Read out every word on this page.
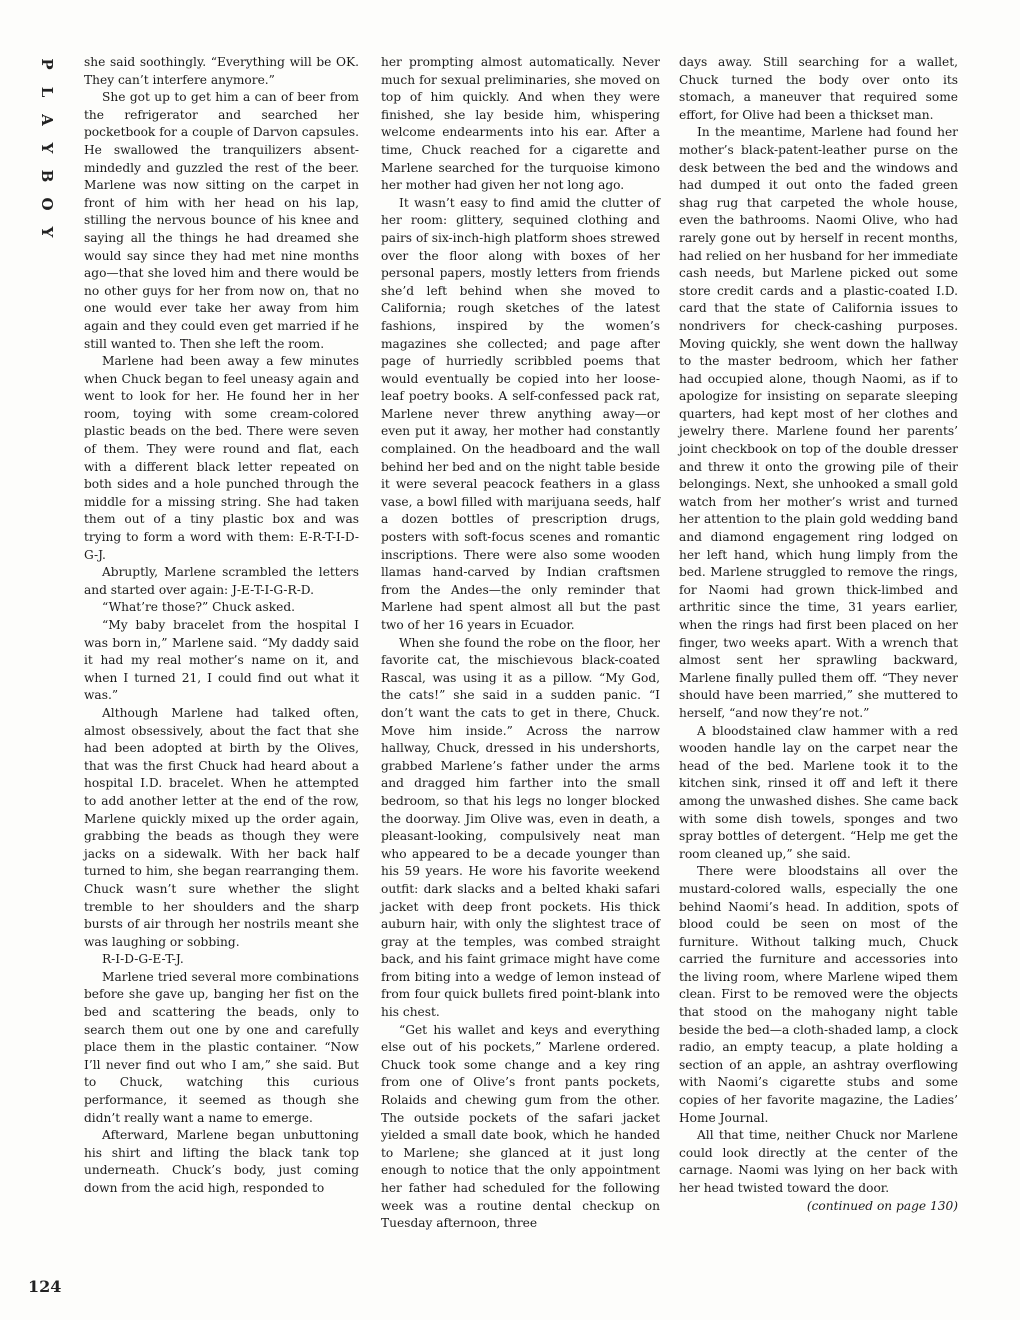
P
L
A
Y
B
O
Y

she said soothingly. “Everything will be OK. They can’t interfere anymore.”

She got up to get him a can of beer from the refrigerator and searched her pocketbook for a couple of Darvon capsules. He swallowed the tranquilizers absent-mindedly and guzzled the rest of the beer. Marlene was now sitting on the carpet in front of him with her head on his lap, stilling the nervous bounce of his knee and saying all the things he had dreamed she would say since they had met nine months ago—that she loved him and there would be no other guys for her from now on, that no one would ever take her away from him again and they could even get married if he still wanted to. Then she left the room.

Marlene had been away a few minutes when Chuck began to feel uneasy again and went to look for her. He found her in her room, toying with some cream-colored plastic beads on the bed. There were seven of them. They were round and flat, each with a different black letter repeated on both sides and a hole punched through the middle for a missing string. She had taken them out of a tiny plastic box and was trying to form a word with them: E-R-T-I-D-G-J.

Abruptly, Marlene scrambled the letters and started over again: J-E-T-I-G-R-D.

“What’re those?” Chuck asked.

“My baby bracelet from the hospital I was born in,” Marlene said. “My daddy said it had my real mother’s name on it, and when I turned 21, I could find out what it was.”

Although Marlene had talked often, almost obsessively, about the fact that she had been adopted at birth by the Olives, that was the first Chuck had heard about a hospital I.D. bracelet. When he attempted to add another letter at the end of the row, Marlene quickly mixed up the order again, grabbing the beads as though they were jacks on a sidewalk. With her back half turned to him, she began rearranging them. Chuck wasn’t sure whether the slight tremble to her shoulders and the sharp bursts of air through her nostrils meant she was laughing or sobbing.

R-I-D-G-E-T-J.

Marlene tried several more combinations before she gave up, banging her fist on the bed and scattering the beads, only to search them out one by one and carefully place them in the plastic container. “Now I’ll never find out who I am,” she said. But to Chuck, watching this curious performance, it seemed as though she didn’t really want a name to emerge.

Afterward, Marlene began unbuttoning his shirt and lifting the black tank top underneath. Chuck’s body, just coming down from the acid high, responded to

her prompting almost automatically. Never much for sexual preliminaries, she moved on top of him quickly. And when they were finished, she lay beside him, whispering welcome endearments into his ear. After a time, Chuck reached for a cigarette and Marlene searched for the turquoise kimono her mother had given her not long ago.

It wasn’t easy to find amid the clutter of her room: glittery, sequined clothing and pairs of six-inch-high platform shoes strewed over the floor along with boxes of her personal papers, mostly letters from friends she’d left behind when she moved to California; rough sketches of the latest fashions, inspired by the women’s magazines she collected; and page after page of hurriedly scribbled poems that would eventually be copied into her loose-leaf poetry books. A self-confessed pack rat, Marlene never threw anything away—or even put it away, her mother had constantly complained. On the headboard and the wall behind her bed and on the night table beside it were several peacock feathers in a glass vase, a bowl filled with marijuana seeds, half a dozen bottles of prescription drugs, posters with soft-focus scenes and romantic inscriptions. There were also some wooden llamas hand-carved by Indian craftsmen from the Andes—the only reminder that Marlene had spent almost all but the past two of her 16 years in Ecuador.

When she found the robe on the floor, her favorite cat, the mischievous black-coated Rascal, was using it as a pillow. “My God, the cats!” she said in a sudden panic. “I don’t want the cats to get in there, Chuck. Move him inside.” Across the narrow hallway, Chuck, dressed in his undershorts, grabbed Marlene’s father under the arms and dragged him farther into the small bedroom, so that his legs no longer blocked the doorway. Jim Olive was, even in death, a pleasant-looking, compulsively neat man who appeared to be a decade younger than his 59 years. He wore his favorite weekend outfit: dark slacks and a belted khaki safari jacket with deep front pockets. His thick auburn hair, with only the slightest trace of gray at the temples, was combed straight back, and his faint grimace might have come from biting into a wedge of lemon instead of from four quick bullets fired point-blank into his chest.

“Get his wallet and keys and everything else out of his pockets,” Marlene ordered. Chuck took some change and a key ring from one of Olive’s front pants pockets, Rolaids and chewing gum from the other. The outside pockets of the safari jacket yielded a small date book, which he handed to Marlene; she glanced at it just long enough to notice that the only appointment her father had scheduled for the following week was a routine dental checkup on Tuesday afternoon, three

days away. Still searching for a wallet, Chuck turned the body over onto its stomach, a maneuver that required some effort, for Olive had been a thickset man.

In the meantime, Marlene had found her mother’s black-patent-leather purse on the desk between the bed and the windows and had dumped it out onto the faded green shag rug that carpeted the whole house, even the bathrooms. Naomi Olive, who had rarely gone out by herself in recent months, had relied on her husband for her immediate cash needs, but Marlene picked out some store credit cards and a plastic-coated I.D. card that the state of California issues to nondrivers for check-cashing purposes. Moving quickly, she went down the hallway to the master bedroom, which her father had occupied alone, though Naomi, as if to apologize for insisting on separate sleeping quarters, had kept most of her clothes and jewelry there. Marlene found her parents’ joint checkbook on top of the double dresser and threw it onto the growing pile of their belongings. Next, she unhooked a small gold watch from her mother’s wrist and turned her attention to the plain gold wedding band and diamond engagement ring lodged on her left hand, which hung limply from the bed. Marlene struggled to remove the rings, for Naomi had grown thick-limbed and arthritic since the time, 31 years earlier, when the rings had first been placed on her finger, two weeks apart. With a wrench that almost sent her sprawling backward, Marlene finally pulled them off. “They never should have been married,” she muttered to herself, “and now they’re not.”

A bloodstained claw hammer with a red wooden handle lay on the carpet near the head of the bed. Marlene took it to the kitchen sink, rinsed it off and left it there among the unwashed dishes. She came back with some dish towels, sponges and two spray bottles of detergent. “Help me get the room cleaned up,” she said.

There were bloodstains all over the mustard-colored walls, especially the one behind Naomi’s head. In addition, spots of blood could be seen on most of the furniture. Without talking much, Chuck carried the furniture and accessories into the living room, where Marlene wiped them clean. First to be removed were the objects that stood on the mahogany night table beside the bed—a cloth-shaded lamp, a clock radio, an empty teacup, a plate holding a section of an apple, an ashtray overflowing with Naomi’s cigarette stubs and some copies of her favorite magazine, the Ladies’ Home Journal.

All that time, neither Chuck nor Marlene could look directly at the center of the carnage. Naomi was lying on her back with her head twisted toward the door.

(continued on page 130)

124
